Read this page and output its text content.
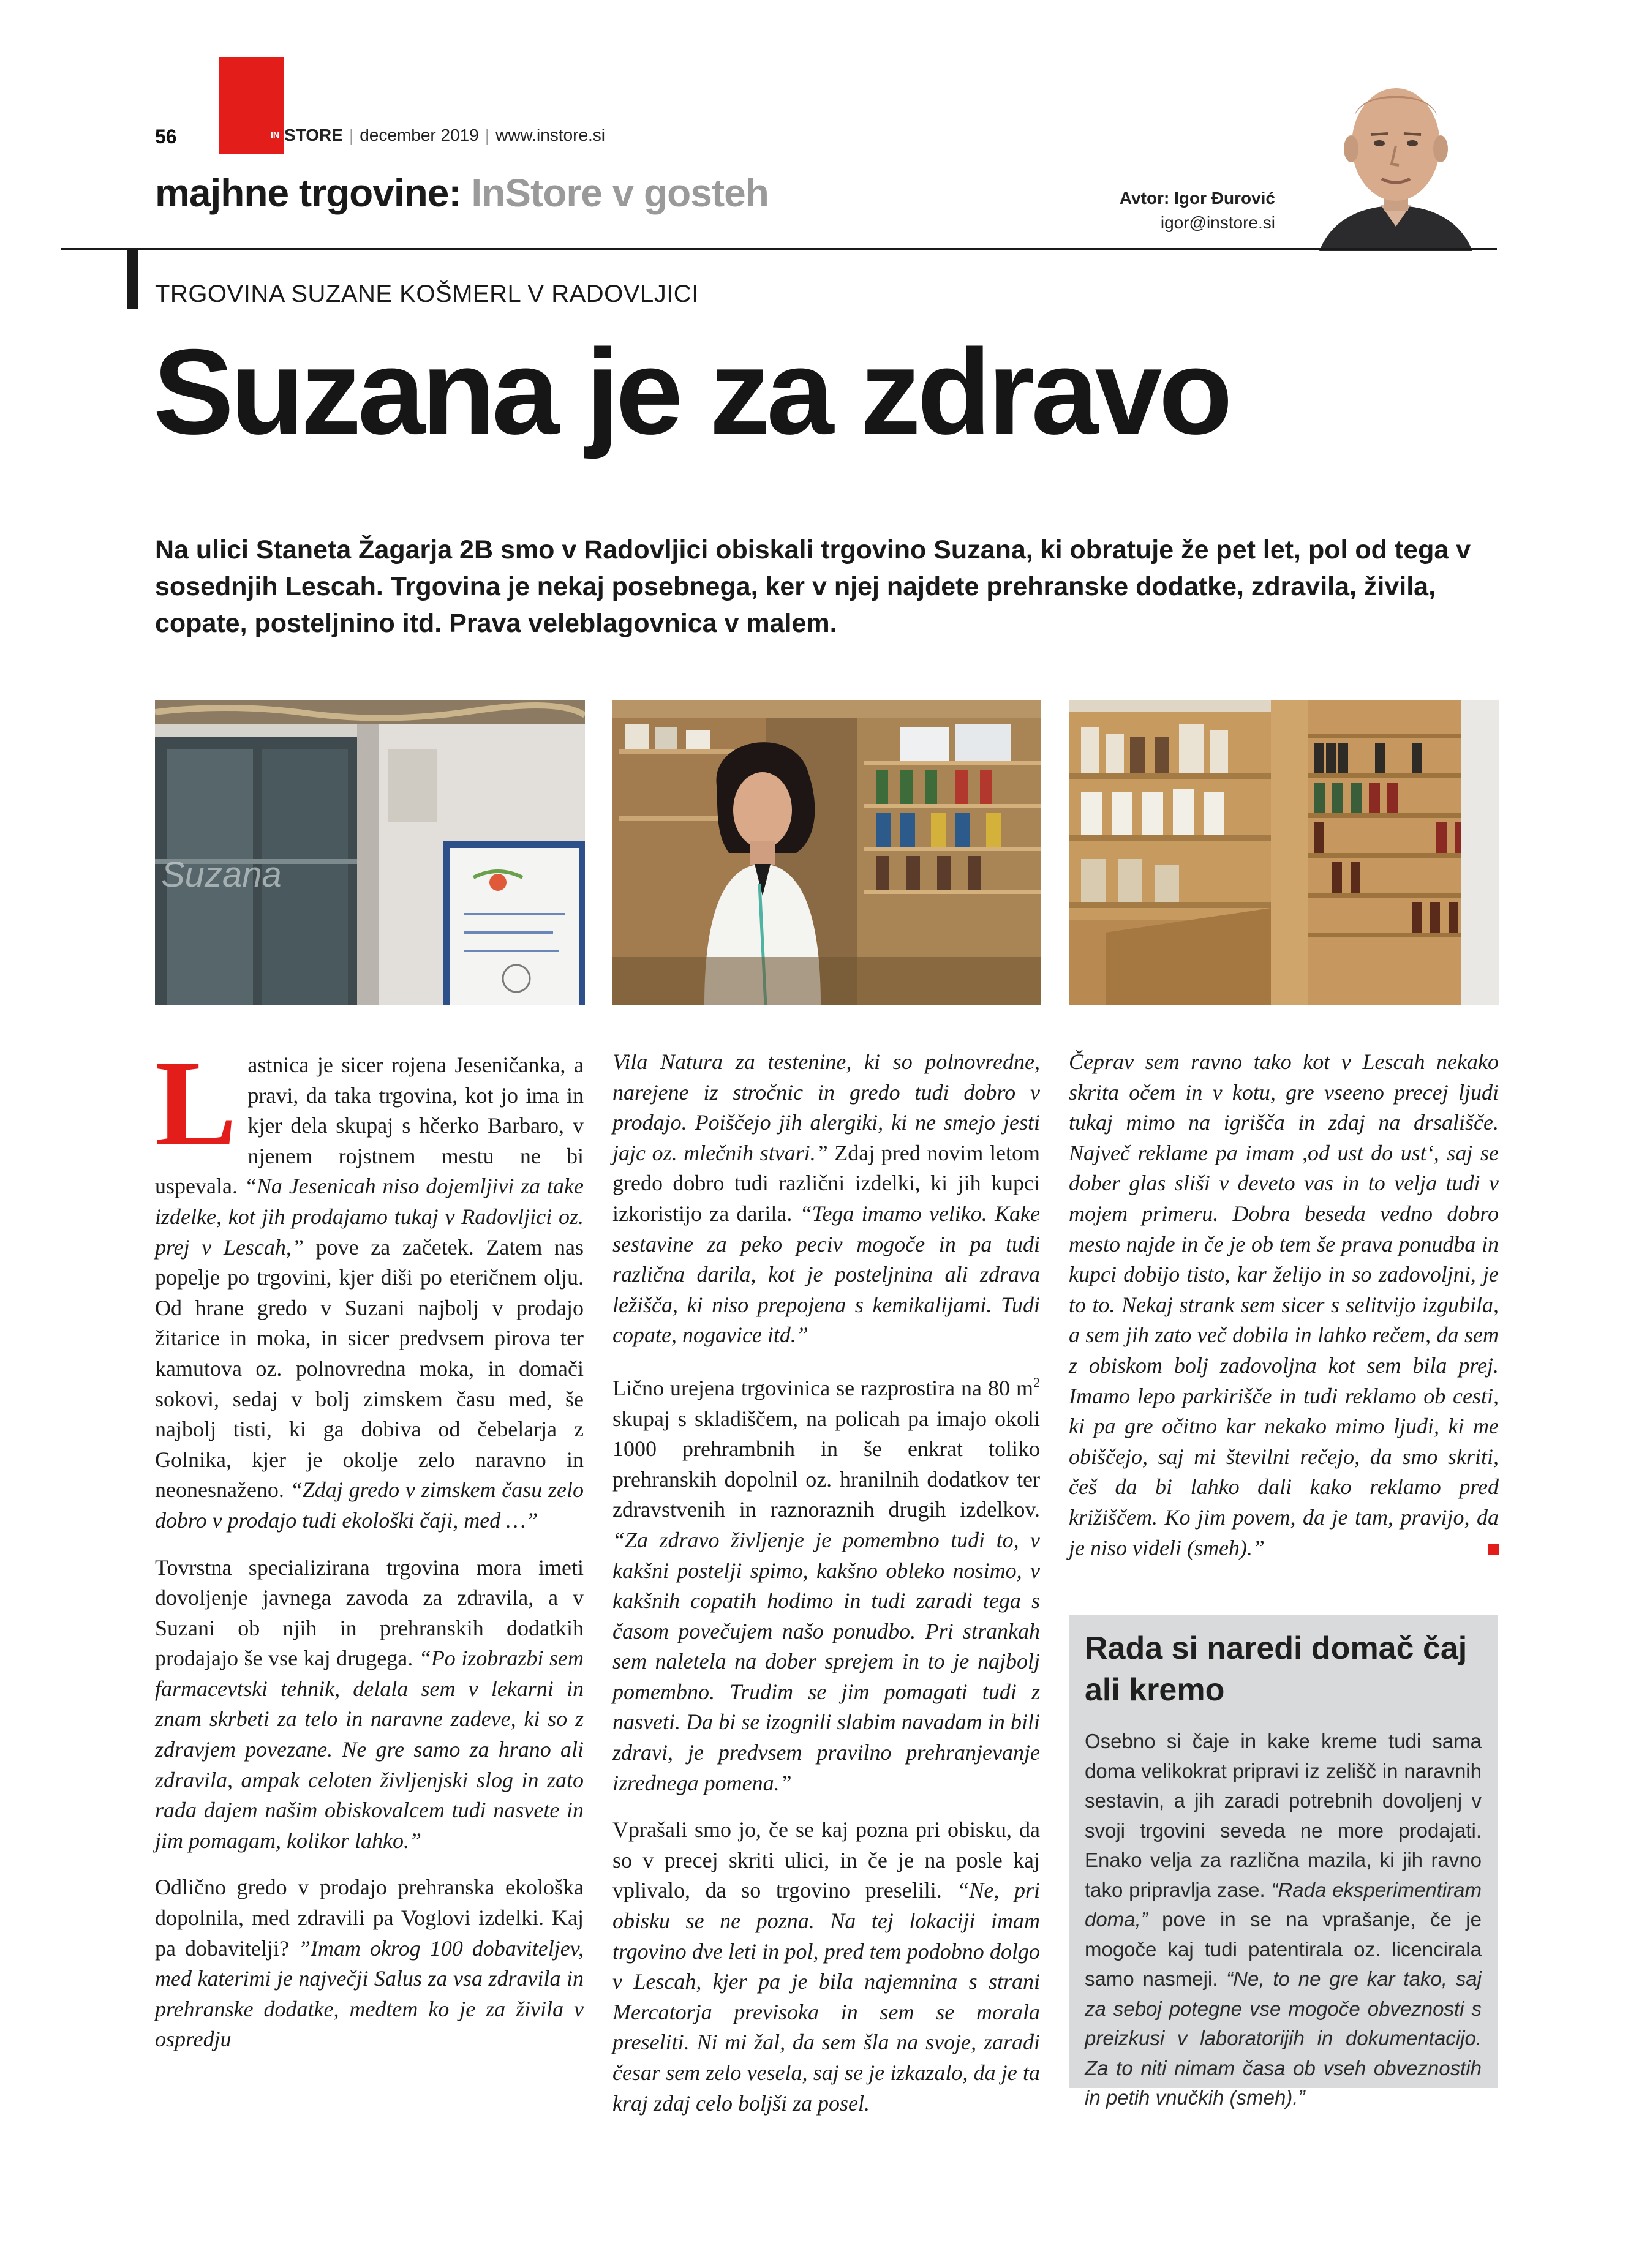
56	IN STORE | december 2019 | www.instore.si
majhne trgovine: InStore v gosteh	Avtor: Igor Đurović
igor@instore.si
TRGOVINA SUZANE KOŠMERL V RADOVLJICI
Suzana je za zdravo

Na ulici Staneta Žagarja 2B smo v Radovljici obiskali trgovino Suzana, ki obratuje že pet let, pol od tega v sosednjih Lescah. Trgovina je nekaj posebnega, ker v njej najdete prehranske dodatke, zdravila, živila, copate, posteljnino itd. Prava veleblagovnica v malem.

Suzana

Lastnica je sicer rojena Jeseničanka, a pravi, da taka trgovina, kot jo ima in kjer dela skupaj s hčerko Barbaro, v njenem rojstnem mestu ne bi uspevala. “Na Jesenicah niso dojemljivi za take izdelke, kot jih prodajamo tukaj v Radovljici oz. prej v Lescah,” pove za začetek. Zatem nas popelje po trgovini, kjer diši po eteričnem olju. Od hrane gredo v Suzani najbolj v prodajo žitarice in moka, in sicer predvsem pirova ter kamutova oz. polnovredna moka, in domači sokovi, sedaj v bolj zimskem času med, še najbolj tisti, ki ga dobiva od čebelarja z Golnika, kjer je okolje zelo naravno in neonesnaženo. “Zdaj gredo v zimskem času zelo dobro v prodajo tudi ekološki čaji, med …”

Tovrstna specializirana trgovina mora imeti dovoljenje javnega zavoda za zdravila, a v Suzani ob njih in prehranskih dodatkih prodajajo še vse kaj drugega. “Po izobrazbi sem farmacevtski tehnik, delala sem v lekarni in znam skrbeti za telo in naravne zadeve, ki so z zdravjem povezane. Ne gre samo za hrano ali zdravila, ampak celoten življenjski slog in zato rada dajem našim obiskovalcem tudi nasvete in jim pomagam, kolikor lahko.”

Odlično gredo v prodajo prehranska ekološka dopolnila, med zdravili pa Voglovi izdelki. Kaj pa dobavitelji? ”Imam okrog 100 dobaviteljev, med katerimi je največji Salus za vsa zdravila in prehranske dodatke, medtem ko je za živila v ospredju

Vila Natura za testenine, ki so polnovredne, narejene iz stročnic in gredo tudi dobro v prodajo. Poiščejo jih alergiki, ki ne smejo jesti jajc oz. mlečnih stvari.” Zdaj pred novim letom gredo dobro tudi različni izdelki, ki jih kupci izkoristijo za darila. “Tega imamo veliko. Kake sestavine za peko peciv mogoče in pa tudi različna darila, kot je posteljnina ali zdrava ležišča, ki niso prepojena s kemikalijami. Tudi copate, nogavice itd.”

Lično urejena trgovinica se razprostira na 80 $m^2$ skupaj s skladiščem, na policah pa imajo okoli 1000 prehrambnih in še enkrat toliko prehranskih dopolnil oz. hranilnih dodatkov ter zdravstvenih in raznoraznih drugih izdelkov. “Za zdravo življenje je pomembno tudi to, v kakšni postelji spimo, kakšno obleko nosimo, v kakšnih copatih hodimo in tudi zaradi tega s časom povečujem našo ponudbo. Pri strankah sem naletela na dober sprejem in to je najbolj pomembno. Trudim se jim pomagati tudi z nasveti. Da bi se izognili slabim navadam in bili zdravi, je predvsem pravilno prehranjevanje izrednega pomena.”

Vprašali smo jo, če se kaj pozna pri obisku, da so v precej skriti ulici, in če je na posle kaj vplivalo, da so trgovino preselili. “Ne, pri obisku se ne pozna. Na tej lokaciji imam trgovino dve leti in pol, pred tem podobno dolgo v Lescah, kjer pa je bila najemnina s strani Mercatorja previsoka in sem se morala preseliti. Ni mi žal, da sem šla na svoje, zaradi česar sem zelo vesela, saj se je izkazalo, da je ta kraj zdaj celo boljši za posel.

Čeprav sem ravno tako kot v Lescah nekako skrita očem in v kotu, gre vseeno precej ljudi tukaj mimo na igrišča in zdaj na drsališče. Največ reklame pa imam ,od ust do ust‘, saj se dober glas sliši v deveto vas in to velja tudi v mojem primeru. Dobra beseda vedno dobro mesto najde in če je ob tem še prava ponudba in kupci dobijo tisto, kar želijo in so zadovoljni, je to to. Nekaj strank sem sicer s selitvijo izgubila, a sem jih zato več dobila in lahko rečem, da sem z obiskom bolj zadovoljna kot sem bila prej. Imamo lepo parkirišče in tudi reklamo ob cesti, ki pa gre očitno kar nekako mimo ljudi, ki me obiščejo, saj mi številni rečejo, da smo skriti, češ da bi lahko dali kako reklamo pred križiščem. Ko jim povem, da je tam, pravijo, da je niso videli (smeh).”

Rada si naredi domač čaj ali kremo

Osebno si čaje in kake kreme tudi sama doma velikokrat pripravi iz zelišč in naravnih sestavin, a jih zaradi potrebnih dovoljenj v svoji trgovini seveda ne more prodajati. Enako velja za različna mazila, ki jih ravno tako pripravlja zase. “Rada eksperimentiram doma,” pove in se na vprašanje, če je mogoče kaj tudi patentirala oz. licencirala samo nasmeji. “Ne, to ne gre kar tako, saj za seboj potegne vse mogoče obveznosti s preizkusi v laboratorijih in dokumentacijo. Za to niti nimam časa ob vseh obveznostih in petih vnučkih (smeh).”
